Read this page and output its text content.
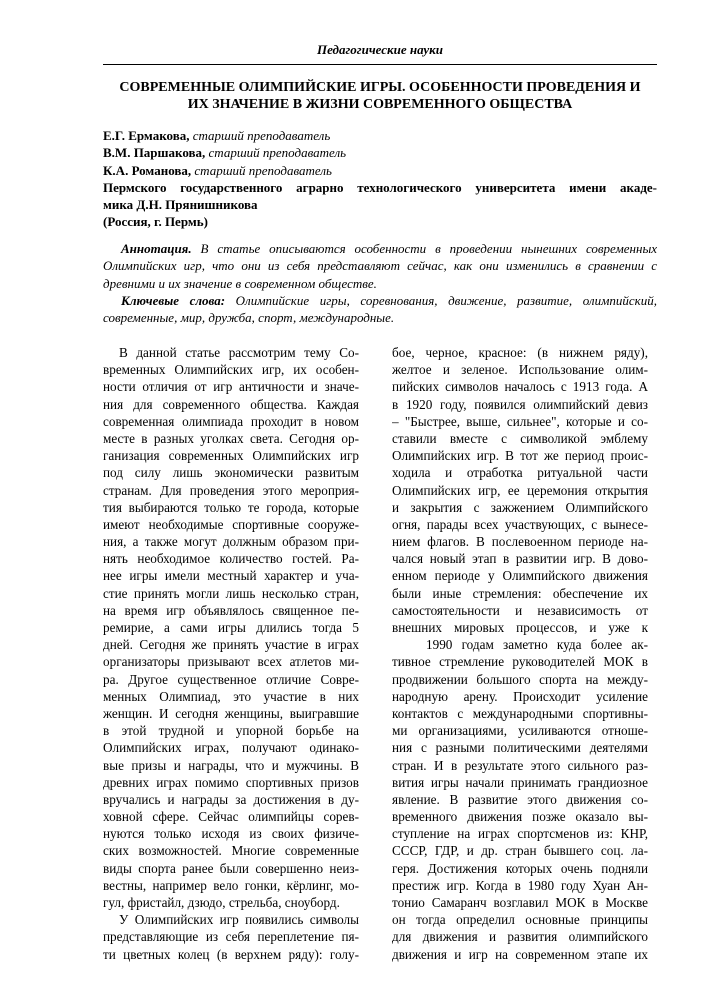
Педагогические науки
СОВРЕМЕННЫЕ ОЛИМПИЙСКИЕ ИГРЫ. ОСОБЕННОСТИ ПРОВЕДЕНИЯ И
ИХ ЗНАЧЕНИЕ В ЖИЗНИ СОВРЕМЕННОГО ОБЩЕСТВА
Е.Г. Ермакова, старший преподаватель
В.М. Паршакова, старший преподаватель
К.А. Романова, старший преподаватель
Пермского государственного аграрно технологического университета имени акаде-
мика Д.Н. Прянишникова
(Россия, г. Пермь)

Аннотация. В статье описываются особенности в проведении нынешних современных Олимпийских игр, что они из себя представляют сейчас, как они изменились в сравнении с древними и их значение в современном обществе.

Ключевые слова: Олимпийские игры, соревнования, движение, развитие, олимпийский, современные, мир, дружба, спорт, международные.

В данной статье рассмотрим тему Со-
временных Олимпийских игр, их особен-
ности отличия от игр античности и значе-
ния для современного общества. Каждая
современная олимпиада проходит в новом
месте в разных уголках света. Сегодня ор-
ганизация современных Олимпийских игр
под силу лишь экономически развитым
странам. Для проведения этого мероприя-
тия выбираются только те города, которые
имеют необходимые спортивные сооруже-
ния, а также могут должным образом при-
нять необходимое количество гостей. Ра-
нее игры имели местный характер и уча-
стие принять могли лишь несколько стран,
на время игр объявлялось священное пе-
ремирие, а сами игры длились тогда 5
дней. Сегодня же принять участие в играх
организаторы призывают всех атлетов ми-
ра. Другое существенное отличие Совре-
менных Олимпиад, это участие в них
женщин. И сегодня женщины, выигравшие
в этой трудной и упорной борьбе на
Олимпийских играх, получают одинако-
вые призы и награды, что и мужчины. В
древних играх помимо спортивных призов
вручались и награды за достижения в ду-
ховной сфере. Сейчас олимпийцы сорев-
нуются только исходя из своих физиче-
ских возможностей. Многие современные
виды спорта ранее были совершенно неиз-
вестны, например вело гонки, кёрлинг, мо-
гул, фристайл, дзюдо, стрельба, сноуборд.
У Олимпийских игр появились символы
представляющие из себя переплетение пя-
ти цветных колец (в верхнем ряду): голу-
бое, черное, красное: (в нижнем ряду),
желтое и зеленое. Использование олим-
пийских символов началось с 1913 года. А
в 1920 году, появился олимпийский девиз
– "Быстрее, выше, сильнее", которые и со-
ставили вместе с символикой эмблему
Олимпийских игр. В тот же период проис-
ходила и отработка ритуальной части
Олимпийских игр, ее церемония открытия
и закрытия с зажжением Олимпийского
огня, парады всех участвующих, с вынесе-
нием флагов. В послевоенном периоде на-
чался новый этап в развитии игр. В дово-
енном периоде у Олимпийского движения
были иные стремления: обеспечение их
самостоятельности и независимость от
внешних мировых процессов, и уже к
1990 годам заметно куда более ак-
тивное стремление руководителей МОК в
продвижении большого спорта на между-
народную арену. Происходит усиление
контактов с международными спортивны-
ми организациями, усиливаются отноше-
ния с разными политическими деятелями
стран. И в результате этого сильного раз-
вития игры начали принимать грандиозное
явление. В развитие этого движения со-
временного движения позже оказало вы-
ступление на играх спортсменов из: КНР,
СССР, ГДР, и др. стран бывшего соц. ла-
геря. Достижения которых очень подняли
престиж игр. Когда в 1980 году Хуан Ан-
тонио Самаранч возглавил МОК в Москве
он тогда определил основные принципы
для движения и развития олимпийского
движения и игр на современном этапе их
